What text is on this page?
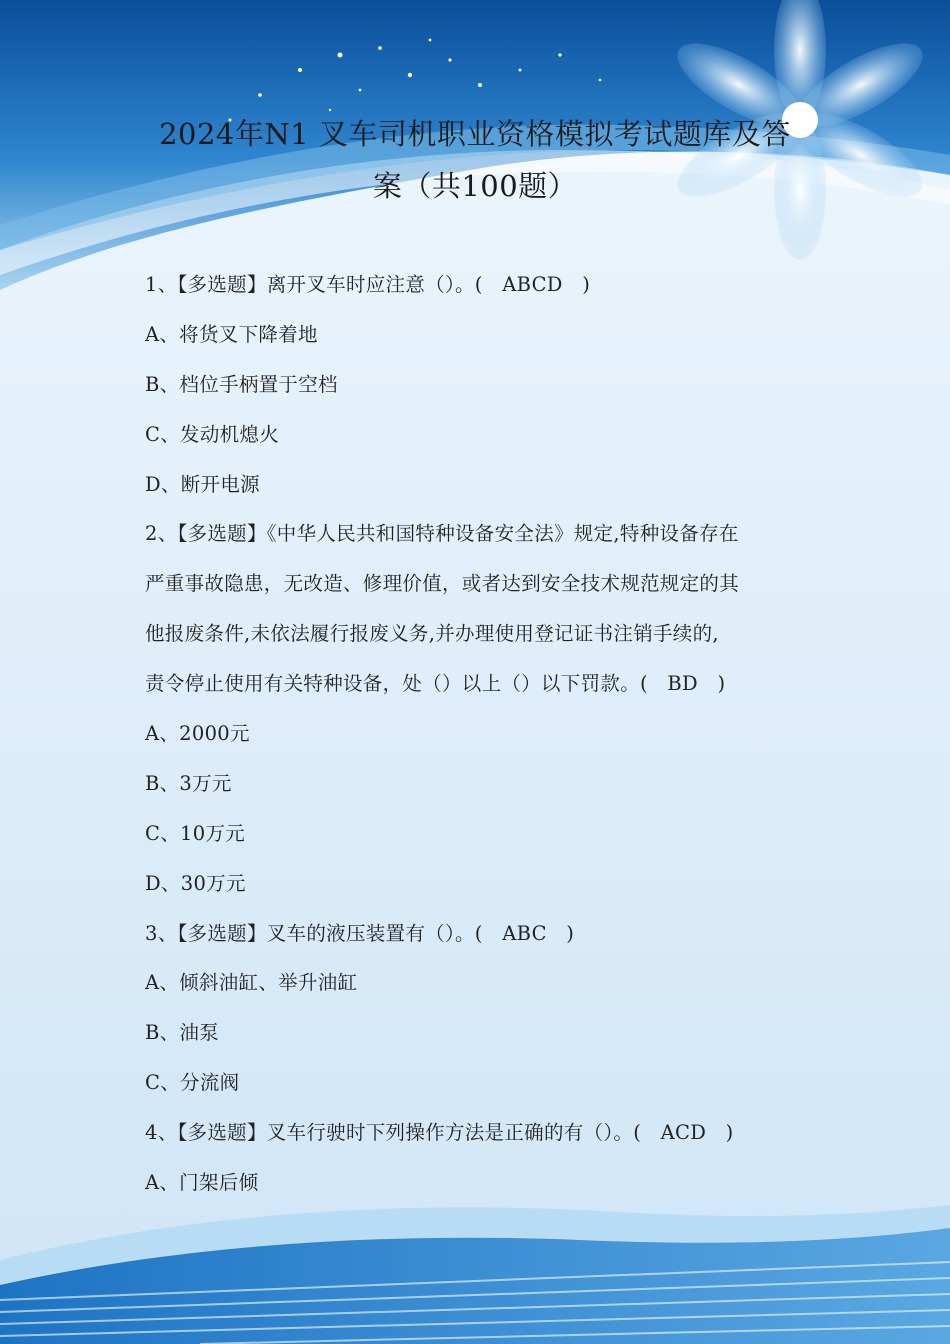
2024年N1 叉车司机职业资格模拟考试题库及答
案（共100题）
1、【多选题】离开叉车时应注意（）。(   ABCD   )
A、将货叉下降着地
B、档位手柄置于空档
C、发动机熄火
D、断开电源
2、【多选题】《中华人民共和国特种设备安全法》规定,特种设备存在
严重事故隐患，无改造、修理价值，或者达到安全技术规范规定的其
他报废条件,未依法履行报废义务,并办理使用登记证书注销手续的,
责令停止使用有关特种设备，处（）以上（）以下罚款。(   BD   )
A、2000元
B、3万元
C、10万元
D、30万元
3、【多选题】叉车的液压装置有（）。(   ABC   )
A、倾斜油缸、举升油缸
B、油泵
C、分流阀
4、【多选题】叉车行驶时下列操作方法是正确的有（）。(   ACD   )
A、门架后倾
